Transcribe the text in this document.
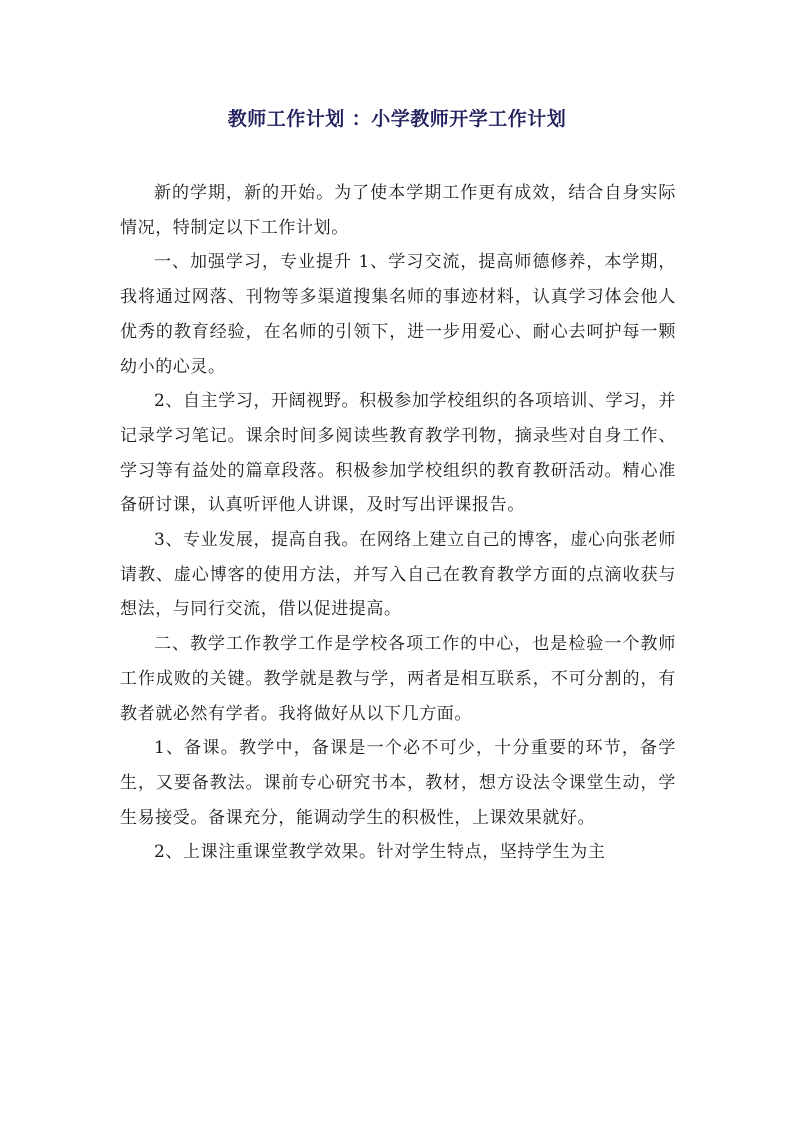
教师工作计划 ：小学教师开学工作计划

新的学期，新的开始。为了使本学期工作更有成效，结合自身实际情况，特制定以下工作计划。

一、加强学习，专业提升 1、学习交流，提高师德修养，本学期，我将通过网落、刊物等多渠道搜集名师的事迹材料，认真学习体会他人优秀的教育经验，在名师的引领下，进一步用爱心、耐心去呵护每一颗幼小的心灵。

2、自主学习，开阔视野。积极参加学校组织的各项培训、学习，并记录学习笔记。课余时间多阅读些教育教学刊物，摘录些对自身工作、学习等有益处的篇章段落。积极参加学校组织的教育教研活动。精心准备研讨课，认真听评他人讲课，及时写出评课报告。

3、专业发展，提高自我。在网络上建立自己的博客，虚心向张老师请教、虚心博客的使用方法，并写入自己在教育教学方面的点滴收获与想法，与同行交流，借以促进提高。

二、教学工作教学工作是学校各项工作的中心，也是检验一个教师工作成败的关键。教学就是教与学，两者是相互联系，不可分割的，有教者就必然有学者。我将做好从以下几方面。

1、备课。教学中，备课是一个必不可少，十分重要的环节，备学生，又要备教法。课前专心研究书本，教材，想方设法令课堂生动，学生易接受。备课充分，能调动学生的积极性，上课效果就好。

2、上课注重课堂教学效果。针对学生特点，坚持学生为主
